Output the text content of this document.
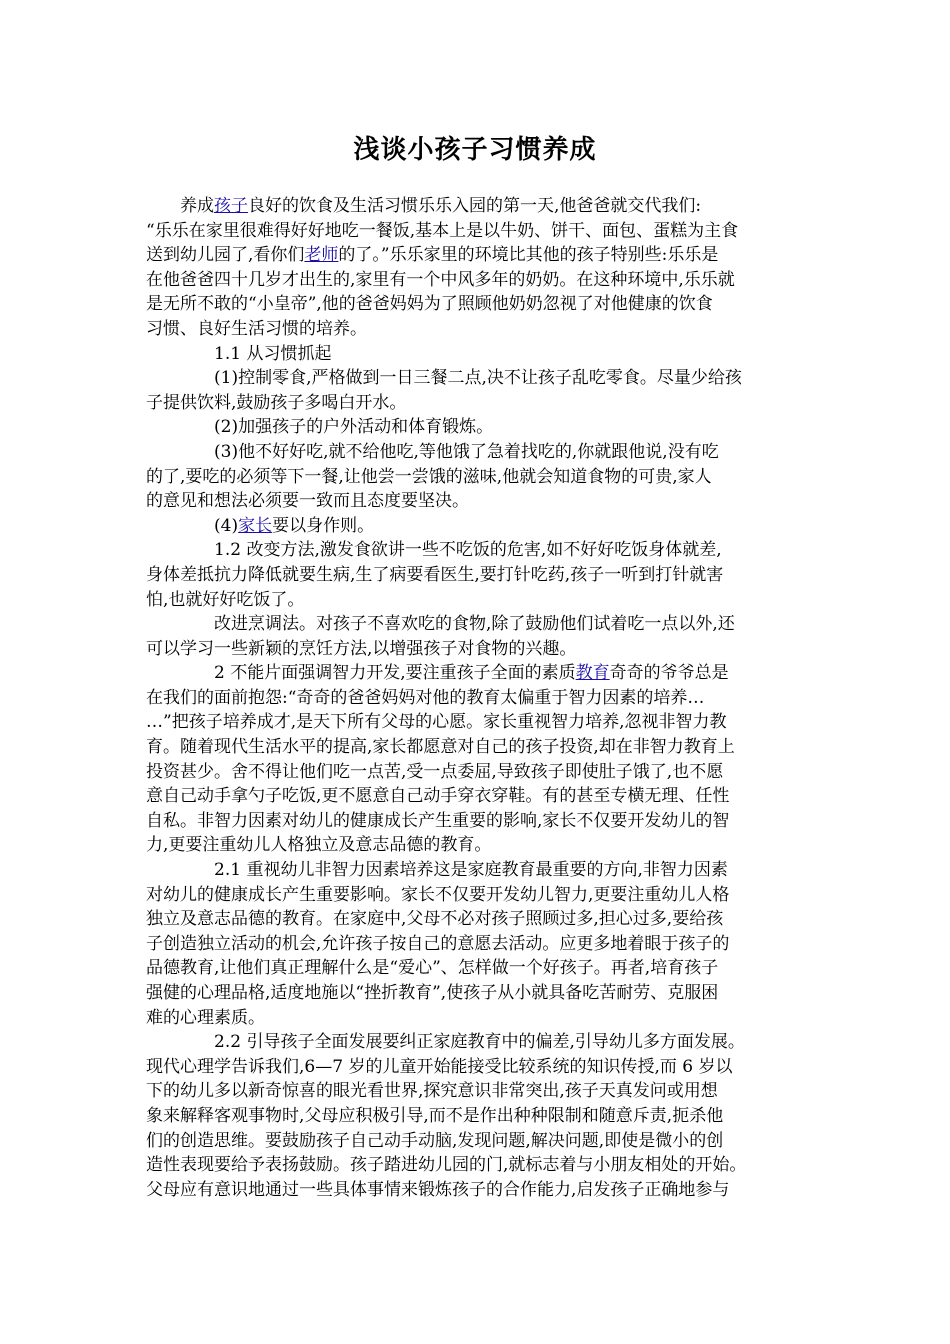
浅谈小孩子习惯养成
养成孩子良好的饮食及生活习惯乐乐入园的第一天,他爸爸就交代我们:
“乐乐在家里很难得好好地吃一餐饭,基本上是以牛奶、饼干、面包、蛋糕为主食
送到幼儿园了,看你们老师的了。”乐乐家里的环境比其他的孩子特别些:乐乐是
在他爸爸四十几岁才出生的,家里有一个中风多年的奶奶。在这种环境中,乐乐就
是无所不敢的“小皇帝”,他的爸爸妈妈为了照顾他奶奶忽视了对他健康的饮食
习惯、良好生活习惯的培养。
1.1 从习惯抓起
(1)控制零食,严格做到一日三餐二点,决不让孩子乱吃零食。尽量少给孩
子提供饮料,鼓励孩子多喝白开水。
(2)加强孩子的户外活动和体育锻炼。
(3)他不好好吃,就不给他吃,等他饿了急着找吃的,你就跟他说,没有吃
的了,要吃的必须等下一餐,让他尝一尝饿的滋味,他就会知道食物的可贵,家人
的意见和想法必须要一致而且态度要坚决。
(4)家长要以身作则。
1.2 改变方法,激发食欲讲一些不吃饭的危害,如不好好吃饭身体就差,
身体差抵抗力降低就要生病,生了病要看医生,要打针吃药,孩子一听到打针就害
怕,也就好好吃饭了。
改进烹调法。对孩子不喜欢吃的食物,除了鼓励他们试着吃一点以外,还
可以学习一些新颖的烹饪方法,以增强孩子对食物的兴趣。
2 不能片面强调智力开发,要注重孩子全面的素质教育奇奇的爷爷总是
在我们的面前抱怨:“奇奇的爸爸妈妈对他的教育太偏重于智力因素的培养…
…”把孩子培养成才,是天下所有父母的心愿。家长重视智力培养,忽视非智力教
育。随着现代生活水平的提高,家长都愿意对自己的孩子投资,却在非智力教育上
投资甚少。舍不得让他们吃一点苦,受一点委屈,导致孩子即使肚子饿了,也不愿
意自己动手拿勺子吃饭,更不愿意自己动手穿衣穿鞋。有的甚至专横无理、任性
自私。非智力因素对幼儿的健康成长产生重要的影响,家长不仅要开发幼儿的智
力,更要注重幼儿人格独立及意志品德的教育。
2.1 重视幼儿非智力因素培养这是家庭教育最重要的方向,非智力因素
对幼儿的健康成长产生重要影响。家长不仅要开发幼儿智力,更要注重幼儿人格
独立及意志品德的教育。在家庭中,父母不必对孩子照顾过多,担心过多,要给孩
子创造独立活动的机会,允许孩子按自己的意愿去活动。应更多地着眼于孩子的
品德教育,让他们真正理解什么是“爱心”、怎样做一个好孩子。再者,培育孩子
强健的心理品格,适度地施以“挫折教育”,使孩子从小就具备吃苦耐劳、克服困
难的心理素质。
2.2 引导孩子全面发展要纠正家庭教育中的偏差,引导幼儿多方面发展。
现代心理学告诉我们,6—7 岁的儿童开始能接受比较系统的知识传授,而 6 岁以
下的幼儿多以新奇惊喜的眼光看世界,探究意识非常突出,孩子天真发问或用想
象来解释客观事物时,父母应积极引导,而不是作出种种限制和随意斥责,扼杀他
们的创造思维。要鼓励孩子自己动手动脑,发现问题,解决问题,即使是微小的创
造性表现要给予表扬鼓励。孩子踏进幼儿园的门,就标志着与小朋友相处的开始。
父母应有意识地通过一些具体事情来锻炼孩子的合作能力,启发孩子正确地参与
